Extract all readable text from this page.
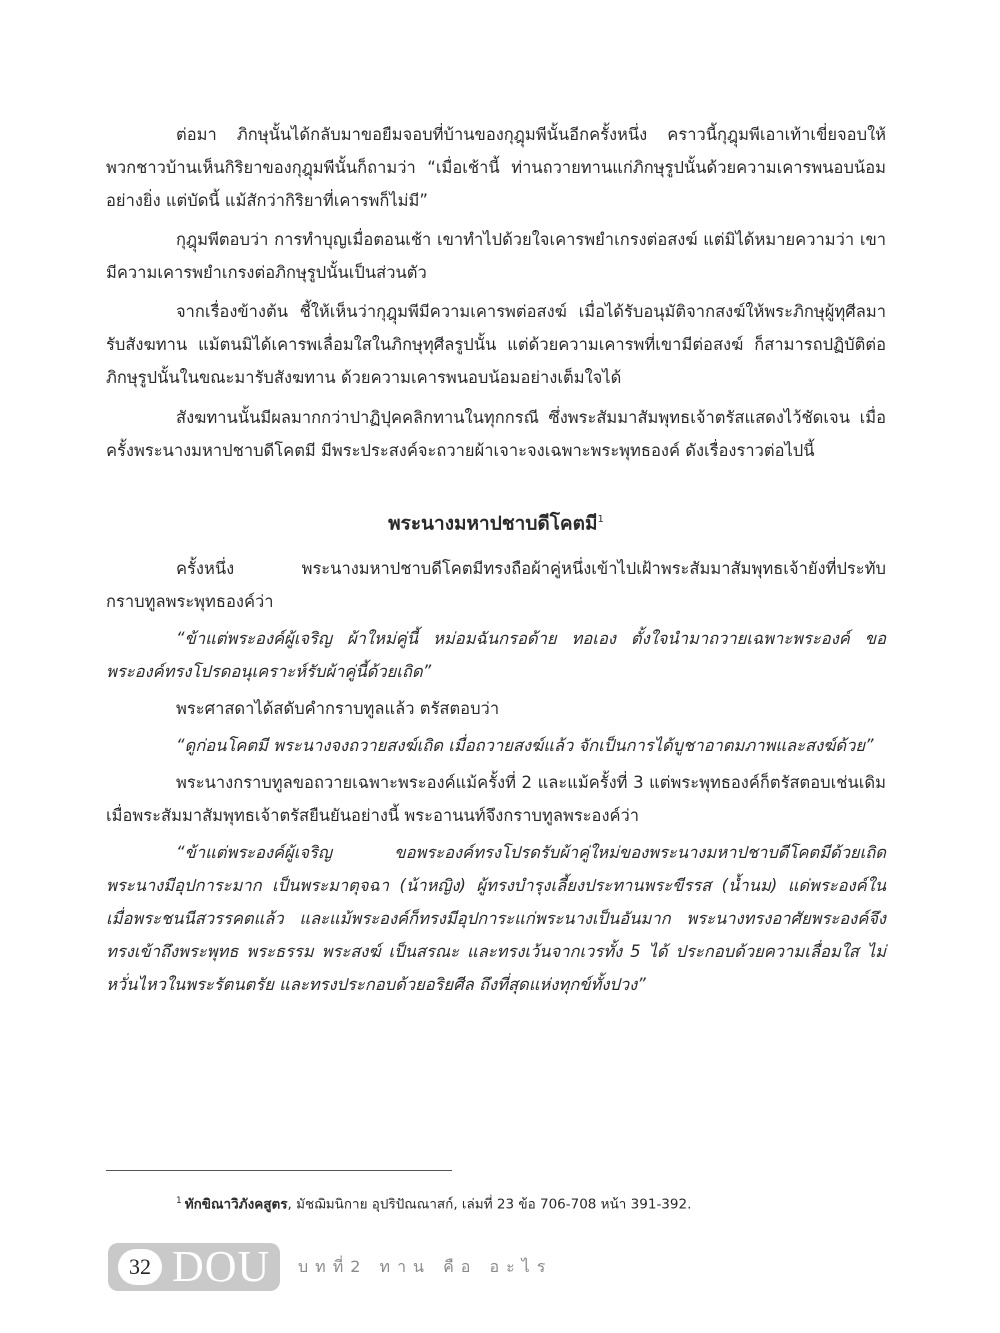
ต่อมา ภิกษุนั้นได้กลับมาขอยืมจอบที่บ้านของกุฎุมพีนั้นอีกครั้งหนึ่ง คราวนี้กุฎุมพีเอาเท้าเขี่ยจอบให้ พวกชาวบ้านเห็นกิริยาของกุฎุมพีนั้นก็ถามว่า “เมื่อเช้านี้ ท่านถวายทานแก่ภิกษุรูปนั้นด้วยความเคารพนอบน้อมอย่างยิ่ง แต่บัดนี้ แม้สักว่ากิริยาที่เคารพก็ไม่มี”

กุฎุมพีตอบว่า การทำบุญเมื่อตอนเช้า เขาทำไปด้วยใจเคารพยำเกรงต่อสงฆ์ แต่มิได้หมายความว่า เขามีความเคารพยำเกรงต่อภิกษุรูปนั้นเป็นส่วนตัว

จากเรื่องข้างต้น ชี้ให้เห็นว่ากุฎุมพีมีความเคารพต่อสงฆ์ เมื่อได้รับอนุมัติจากสงฆ์ให้พระภิกษุผู้ทุศีลมารับสังฆทาน แม้ตนมิได้เคารพเลื่อมใสในภิกษุทุศีลรูปนั้น แต่ด้วยความเคารพที่เขามีต่อสงฆ์ ก็สามารถปฏิบัติต่อภิกษุรูปนั้นในขณะมารับสังฆทาน ด้วยความเคารพนอบน้อมอย่างเต็มใจได้

สังฆทานนั้นมีผลมากกว่าปาฏิปุคคลิกทานในทุกกรณี ซึ่งพระสัมมาสัมพุทธเจ้าตรัสแสดงไว้ชัดเจน เมื่อครั้งพระนางมหาปชาบดีโคตมี มีพระประสงค์จะถวายผ้าเจาะจงเฉพาะพระพุทธองค์ ดังเรื่องราวต่อไปนี้

พระนางมหาปชาบดีโคตมี$^1$

ครั้งหนึ่ง พระนางมหาปชาบดีโคตมีทรงถือผ้าคู่หนึ่งเข้าไปเฝ้าพระสัมมาสัมพุทธเจ้ายังที่ประทับ กราบทูลพระพุทธองค์ว่า

“ข้าแต่พระองค์ผู้เจริญ ผ้าใหม่คู่นี้ หม่อมฉันกรอด้าย ทอเอง ตั้งใจนำมาถวายเฉพาะพระองค์ ขอพระองค์ทรงโปรดอนุเคราะห์รับผ้าคู่นี้ด้วยเถิด”

พระศาสดาได้สดับคำกราบทูลแล้ว ตรัสตอบว่า

“ดูก่อนโคตมี พระนางจงถวายสงฆ์เถิด เมื่อถวายสงฆ์แล้ว จักเป็นการได้บูชาอาตมภาพและสงฆ์ด้วย”

พระนางกราบทูลขอถวายเฉพาะพระองค์แม้ครั้งที่ 2 และแม้ครั้งที่ 3 แต่พระพุทธองค์ก็ตรัสตอบเช่นเดิม เมื่อพระสัมมาสัมพุทธเจ้าตรัสยืนยันอย่างนี้ พระอานนท์จึงกราบทูลพระองค์ว่า

“ข้าแต่พระองค์ผู้เจริญ ขอพระองค์ทรงโปรดรับผ้าคู่ใหม่ของพระนางมหาปชาบดีโคตมีด้วยเถิด พระนางมีอุปการะมาก เป็นพระมาตุจฉา (น้าหญิง) ผู้ทรงบำรุงเลี้ยงประทานพระขีรรส (น้ำนม) แด่พระองค์ในเมื่อพระชนนีสวรรคตแล้ว และแม้พระองค์ก็ทรงมีอุปการะแก่พระนางเป็นอันมาก พระนางทรงอาศัยพระองค์จึงทรงเข้าถึงพระพุทธ พระธรรม พระสงฆ์ เป็นสรณะ และทรงเว้นจากเวรทั้ง 5 ได้ ประกอบด้วยความเลื่อมใส ไม่หวั่นไหวในพระรัตนตรัย และทรงประกอบด้วยอริยศีล ถึงที่สุดแห่งทุกข์ทั้งปวง”

$^1$ ทักขิณาวิภังคสูตร, มัชฌิมนิกาย อุปริปัณณาสก์, เล่มที่ 23 ข้อ 706-708 หน้า 391-392.
32 DOU บทที่2 ทาน คือ อะไร
